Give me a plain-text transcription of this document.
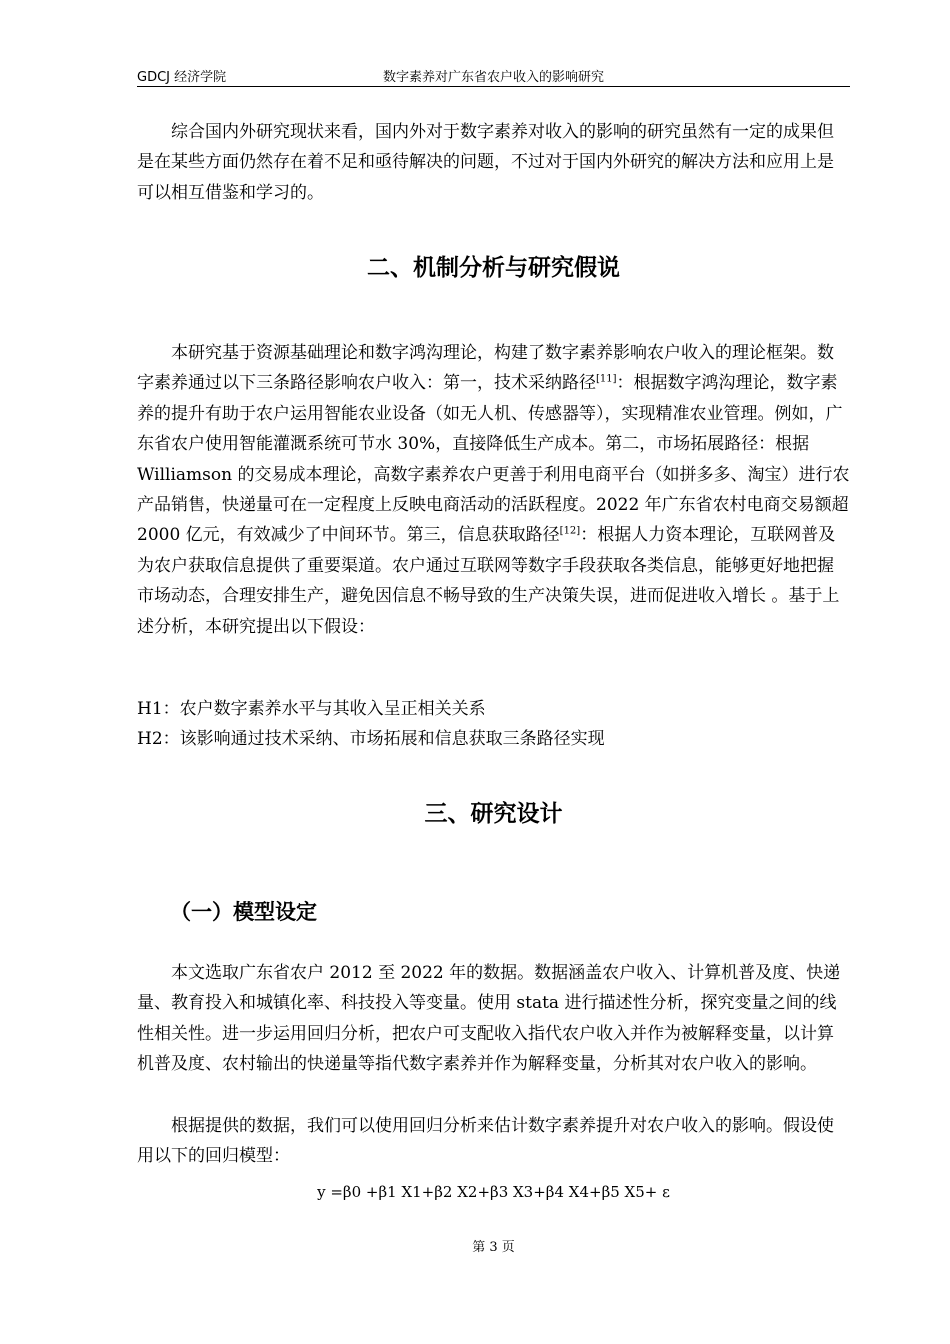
GDCJ 经济学院	数字素养对广东省农户收入的影响研究

综合国内外研究现状来看，国内外对于数字素养对收入的影响的研究虽然有一定的成果但是在某些方面仍然存在着不足和亟待解决的问题，不过对于国内外研究的解决方法和应用上是可以相互借鉴和学习的。

二、机制分析与研究假说

本研究基于资源基础理论和数字鸿沟理论，构建了数字素养影响农户收入的理论框架。数字素养通过以下三条路径影响农户收入：第一，技术采纳路径[11]：根据数字鸿沟理论，数字素养的提升有助于农户运用智能农业设备（如无人机、传感器等），实现精准农业管理。例如，广东省农户使用智能灌溉系统可节水 30%，直接降低生产成本。第二，市场拓展路径：根据 Williamson 的交易成本理论，高数字素养农户更善于利用电商平台（如拼多多、淘宝）进行农产品销售，快递量可在一定程度上反映电商活动的活跃程度。2022 年广东省农村电商交易额超 2000 亿元，有效减少了中间环节。第三，信息获取路径[12]：根据人力资本理论，互联网普及为农户获取信息提供了重要渠道。农户通过互联网等数字手段获取各类信息，能够更好地把握市场动态，合理安排生产，避免因信息不畅导致的生产决策失误，进而促进收入增长 。基于上述分析，本研究提出以下假设：

H1：农户数字素养水平与其收入呈正相关关系

H2：该影响通过技术采纳、市场拓展和信息获取三条路径实现

三、研究设计
（一）模型设定

本文选取广东省农户 2012 至 2022 年的数据。数据涵盖农户收入、计算机普及度、快递量、教育投入和城镇化率、科技投入等变量。使用 stata 进行描述性分析，探究变量之间的线性相关性。进一步运用回归分析，把农户可支配收入指代农户收入并作为被解释变量，以计算机普及度、农村输出的快递量等指代数字素养并作为解释变量，分析其对农户收入的影响。

根据提供的数据，我们可以使用回归分析来估计数字素养提升对农户收入的影响。假设使用以下的回归模型：

y =β0 +β1 X1+β2 X2+β3 X3+β4 X4+β5 X5+ ε

第 3 页
